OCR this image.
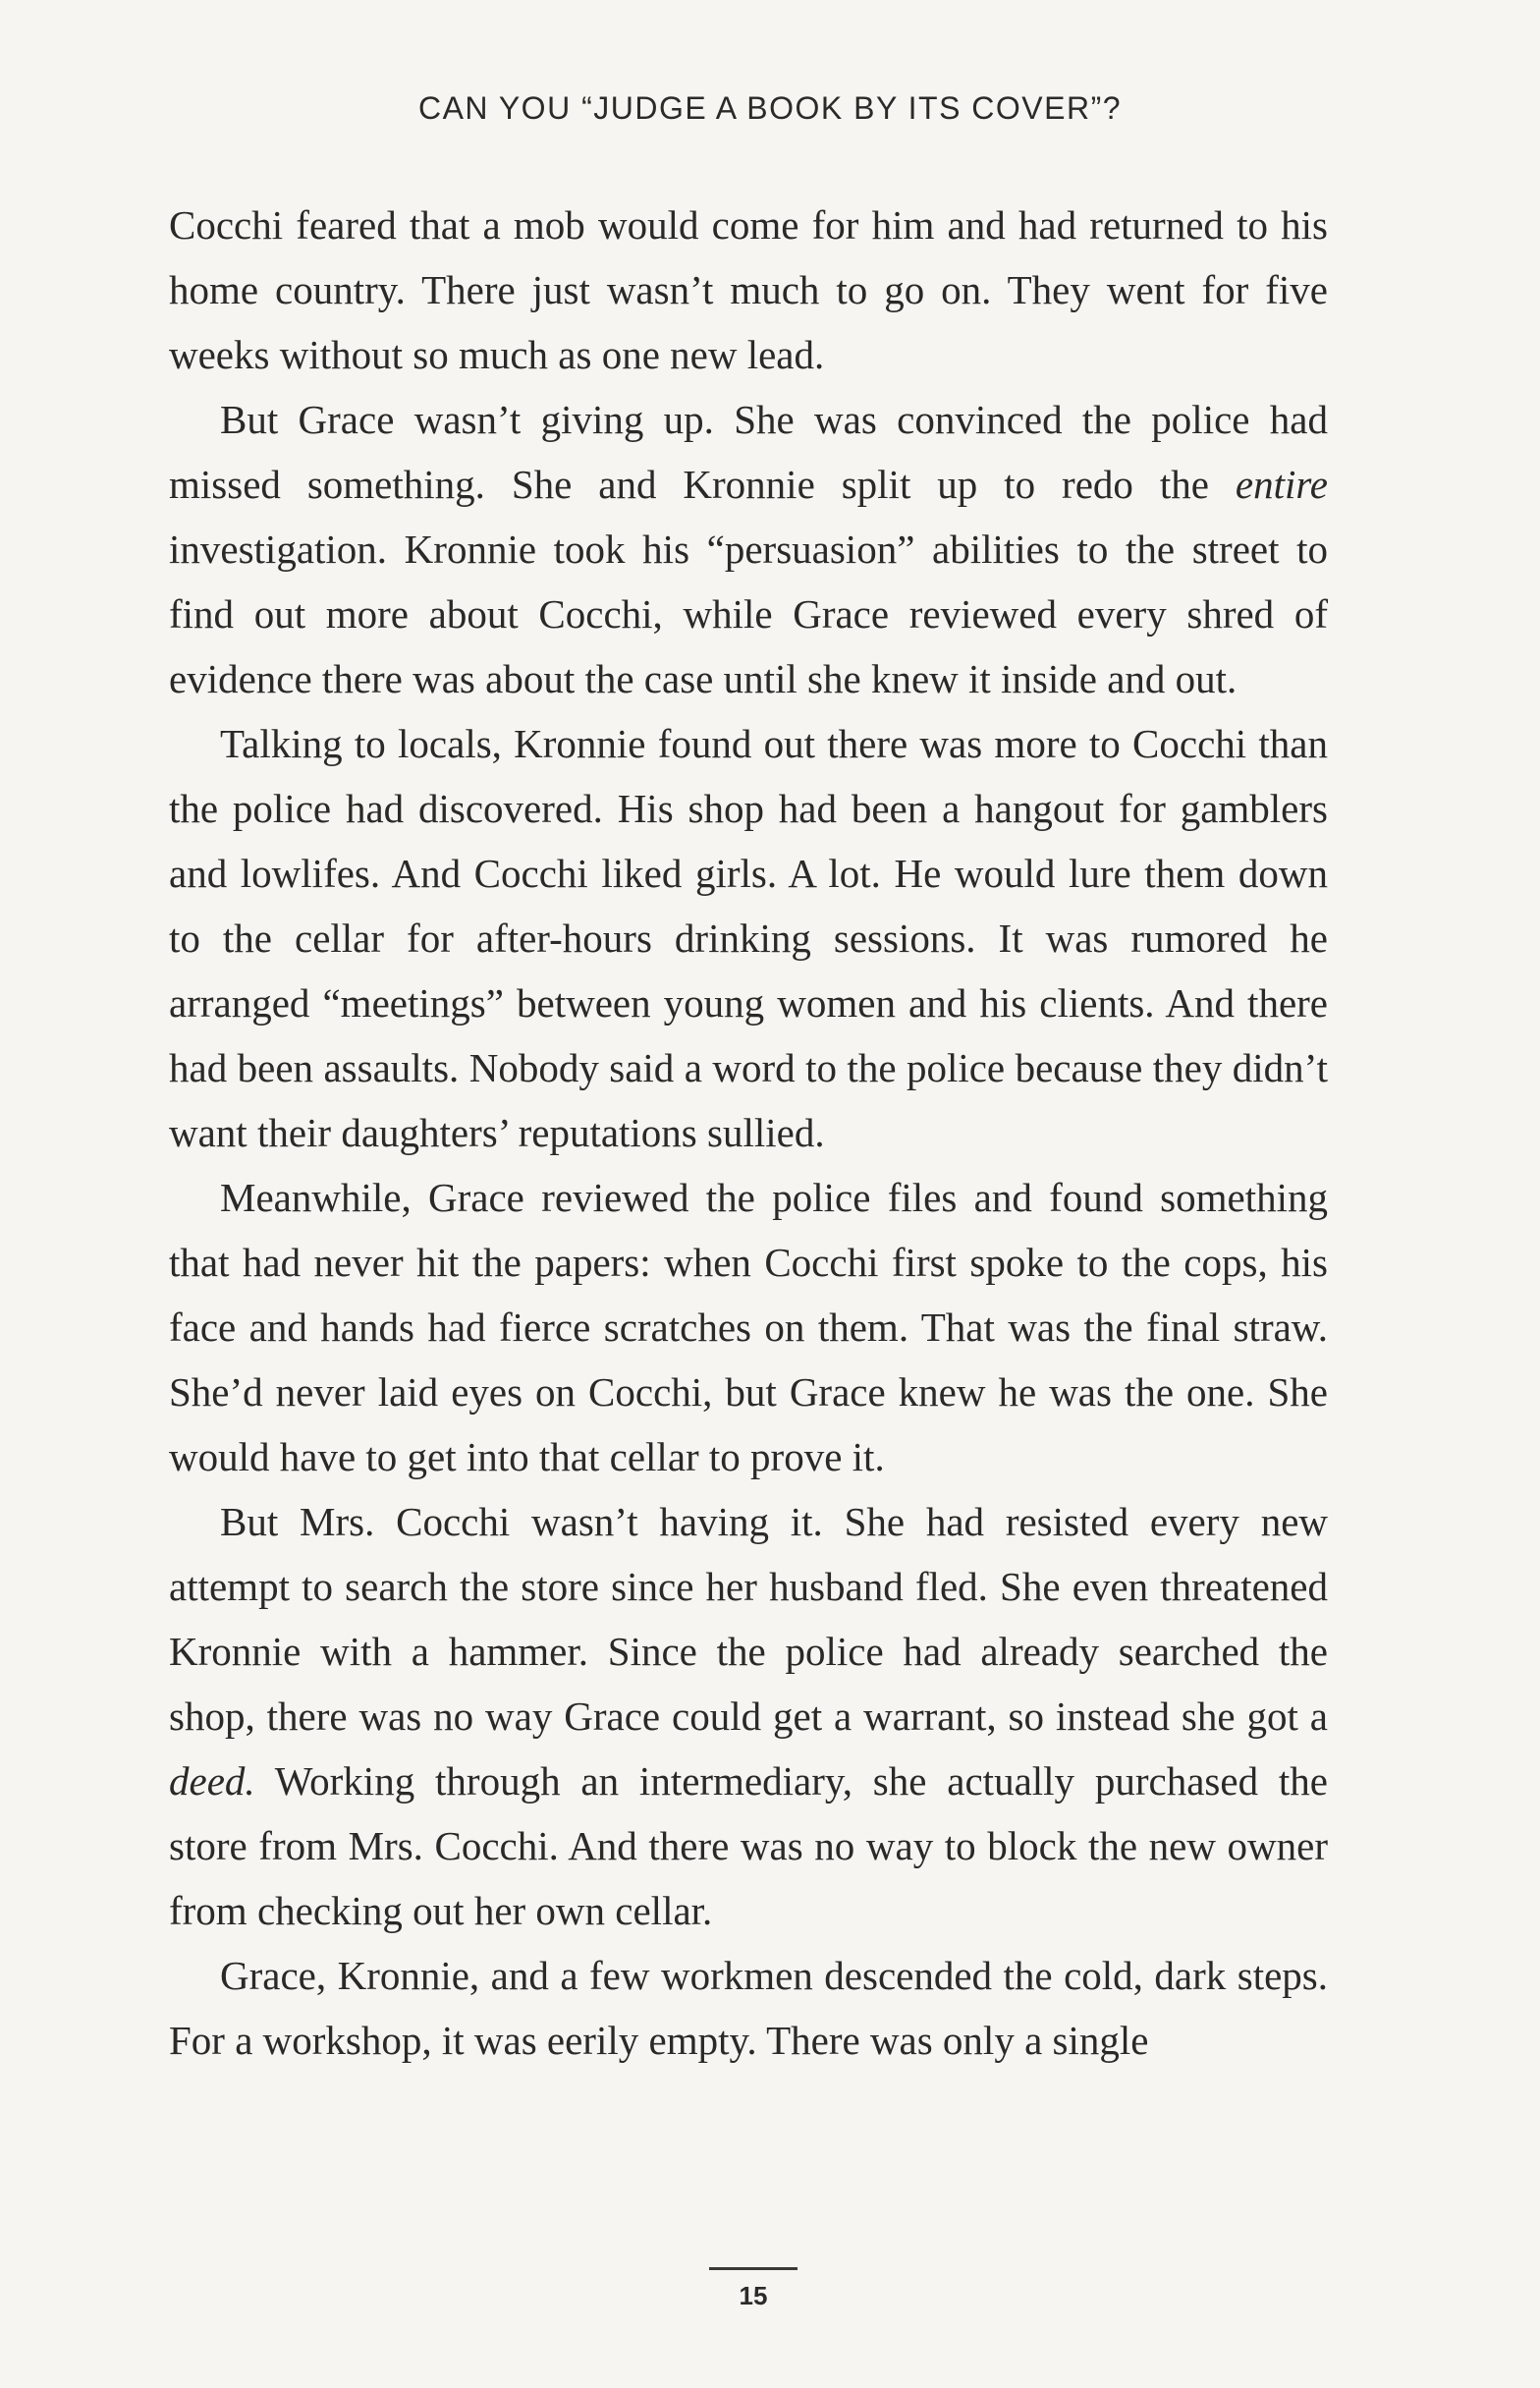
CAN YOU “JUDGE A BOOK BY ITS COVER”?

Cocchi feared that a mob would come for him and had returned to his home country. There just wasn’t much to go on. They went for five weeks without so much as one new lead.

But Grace wasn’t giving up. She was convinced the police had missed something. She and Kronnie split up to redo the entire investigation. Kronnie took his “persuasion” abilities to the street to find out more about Cocchi, while Grace reviewed every shred of evidence there was about the case until she knew it inside and out.

Talking to locals, Kronnie found out there was more to Cocchi than the police had discovered. His shop had been a hangout for gamblers and lowlifes. And Cocchi liked girls. A lot. He would lure them down to the cellar for after-hours drinking sessions. It was rumored he arranged “meetings” between young women and his clients. And there had been assaults. Nobody said a word to the police because they didn’t want their daughters’ reputations sullied.

Meanwhile, Grace reviewed the police files and found something that had never hit the papers: when Cocchi first spoke to the cops, his face and hands had fierce scratches on them. That was the final straw. She’d never laid eyes on Cocchi, but Grace knew he was the one. She would have to get into that cellar to prove it.

But Mrs. Cocchi wasn’t having it. She had resisted every new attempt to search the store since her husband fled. She even threatened Kronnie with a hammer. Since the police had already searched the shop, there was no way Grace could get a warrant, so instead she got a deed. Working through an intermediary, she actually purchased the store from Mrs. Cocchi. And there was no way to block the new owner from checking out her own cellar.

Grace, Kronnie, and a few workmen descended the cold, dark steps. For a workshop, it was eerily empty. There was only a single

15
